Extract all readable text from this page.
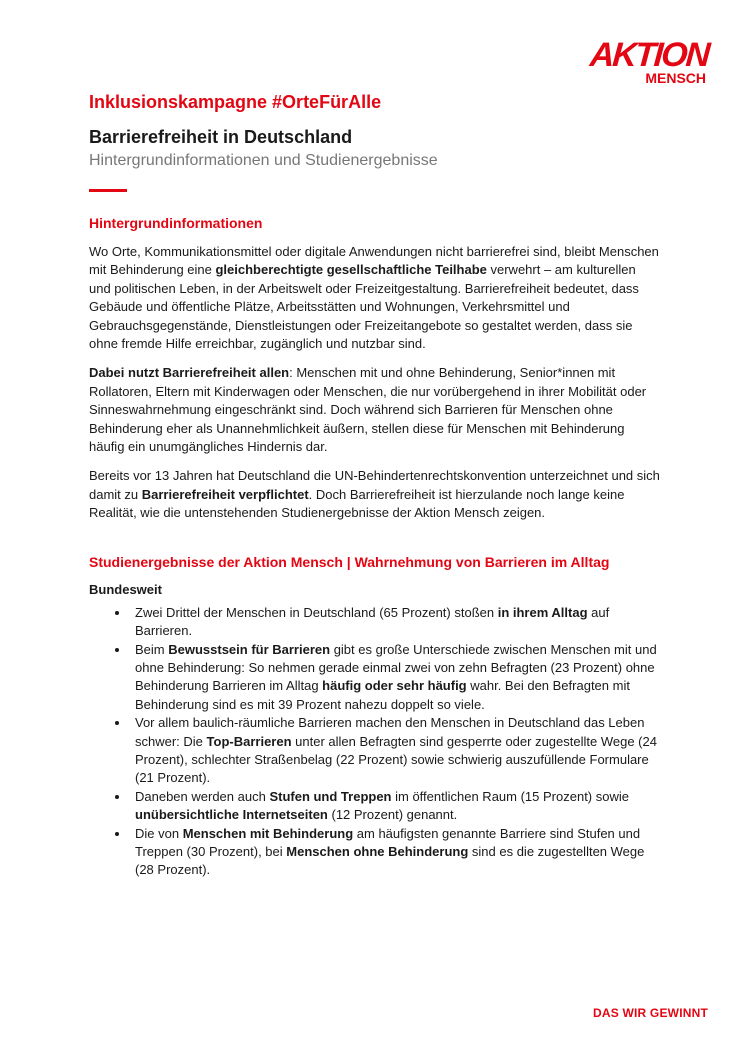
AKTION
MENSCH
Inklusionskampagne #OrteFürAlle
Barrierefreiheit in Deutschland
Hintergrundinformationen und Studienergebnisse
Hintergrundinformationen

Wo Orte, Kommunikationsmittel oder digitale Anwendungen nicht barrierefrei sind, bleibt Menschen mit Behinderung eine gleichberechtigte gesellschaftliche Teilhabe verwehrt – am kulturellen und politischen Leben, in der Arbeitswelt oder Freizeitgestaltung. Barrierefreiheit bedeutet, dass Gebäude und öffentliche Plätze, Arbeitsstätten und Wohnungen, Verkehrsmittel und Gebrauchsgegenstände, Dienstleistungen oder Freizeitangebote so gestaltet werden, dass sie ohne fremde Hilfe erreichbar, zugänglich und nutzbar sind.

Dabei nutzt Barrierefreiheit allen: Menschen mit und ohne Behinderung, Senior*innen mit Rollatoren, Eltern mit Kinderwagen oder Menschen, die nur vorübergehend in ihrer Mobilität oder Sinneswahrnehmung eingeschränkt sind. Doch während sich Barrieren für Menschen ohne Behinderung eher als Unannehmlichkeit äußern, stellen diese für Menschen mit Behinderung häufig ein unumgängliches Hindernis dar.

Bereits vor 13 Jahren hat Deutschland die UN-Behindertenrechtskonvention unterzeichnet und sich damit zu Barrierefreiheit verpflichtet. Doch Barrierefreiheit ist hierzulande noch lange keine Realität, wie die untenstehenden Studienergebnisse der Aktion Mensch zeigen.

Studienergebnisse der Aktion Mensch | Wahrnehmung von Barrieren im Alltag
Bundesweit
Zwei Drittel der Menschen in Deutschland (65 Prozent) stoßen in ihrem Alltag auf Barrieren.
Beim Bewusstsein für Barrieren gibt es große Unterschiede zwischen Menschen mit und ohne Behinderung: So nehmen gerade einmal zwei von zehn Befragten (23 Prozent) ohne Behinderung Barrieren im Alltag häufig oder sehr häufig wahr. Bei den Befragten mit Behinderung sind es mit 39 Prozent nahezu doppelt so viele.
Vor allem baulich-räumliche Barrieren machen den Menschen in Deutschland das Leben schwer: Die Top-Barrieren unter allen Befragten sind gesperrte oder zugestellte Wege (24 Prozent), schlechter Straßenbelag (22 Prozent) sowie schwierig auszufüllende Formulare (21 Prozent).
Daneben werden auch Stufen und Treppen im öffentlichen Raum (15 Prozent) sowie unübersichtliche Internetseiten (12 Prozent) genannt.
Die von Menschen mit Behinderung am häufigsten genannte Barriere sind Stufen und Treppen (30 Prozent), bei Menschen ohne Behinderung sind es die zugestellten Wege (28 Prozent).
DAS WIR GEWINNT
